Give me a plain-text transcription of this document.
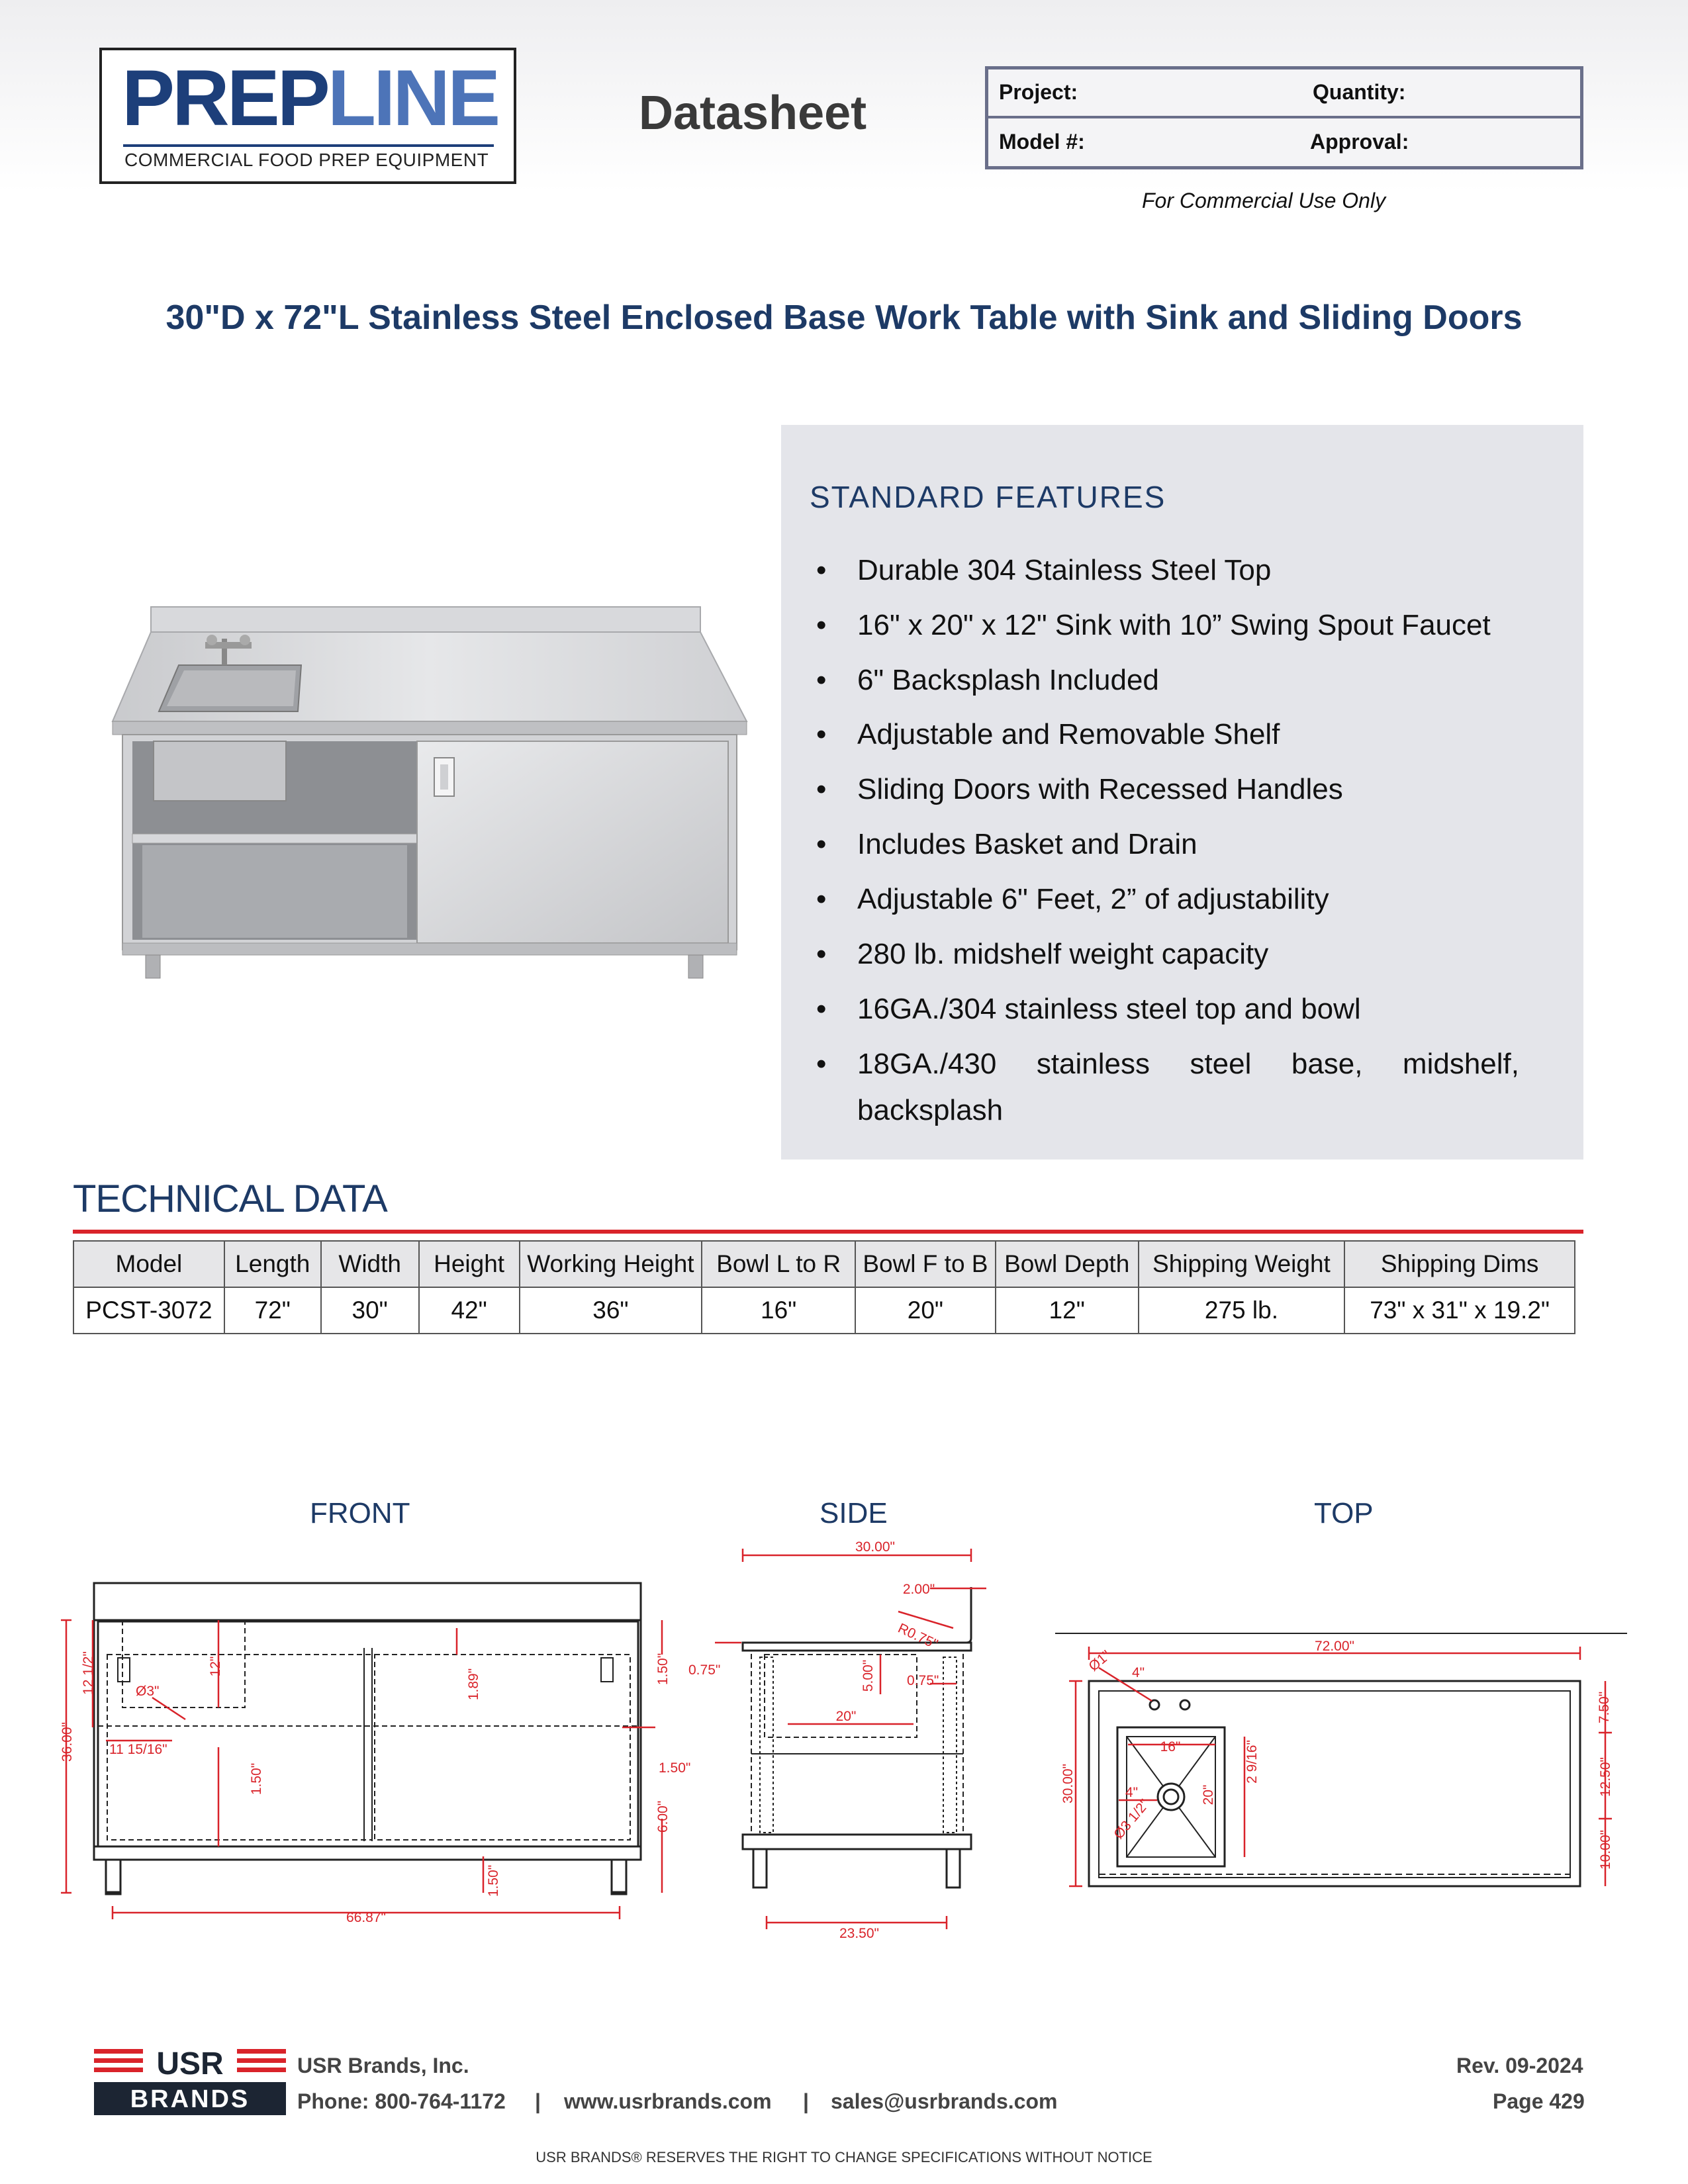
PREPLINE
COMMERCIAL FOOD PREP EQUIPMENT
Datasheet	Project:	Quantity:
Model #:	Approval:
For Commercial Use Only
30"D x 72"L Stainless Steel Enclosed Base Work Table with Sink and Sliding Doors
STANDARD FEATURES
• Durable 304 Stainless Steel Top
• 16" x 20" x 12" Sink with 10” Swing Spout Faucet
• 6" Backsplash Included
• Adjustable and Removable Shelf
• Sliding Doors with Recessed Handles
• Includes Basket and Drain
• Adjustable 6" Feet, 2” of adjustability
• 280 lb. midshelf weight capacity
• 16GA./304 stainless steel top and bowl
• 18GA./430 stainless steel base, midshelf,
backsplash
TECHNICAL DATA
Model	Length	Width	Height	Working Height	Bowl L to R	Bowl F to B	Bowl Depth	Shipping Weight	Shipping Dims
PCST-3072	72"	30"	42"	36"	16"	20"	12"	275 lb.	73" x 31" x 19.2"
FRONT	SIDE	TOP
12 1/2"	12"
1.89"	1.50"
Ø3"
36.00" 11 15/16"
1.50"	1.50"
6.00"
1.50"
66.87"
30.00"
2.00"
R0.75"
0.75"	5.00" 0.75"
20"
23.50"
72.00"
Ø1" 4"
7.50"
16"
30.00"
2 9/16"
20"
4"	12.50"
Ø3 1/2"
10.00"
USR
BRANDS
USR Brands, Inc.
Phone: 800-764-1172 | www.usrbrands.com | sales@usrbrands.com
Rev. 09-2024
Page 429
USR BRANDS® RESERVES THE RIGHT TO CHANGE SPECIFICATIONS WITHOUT NOTICE
